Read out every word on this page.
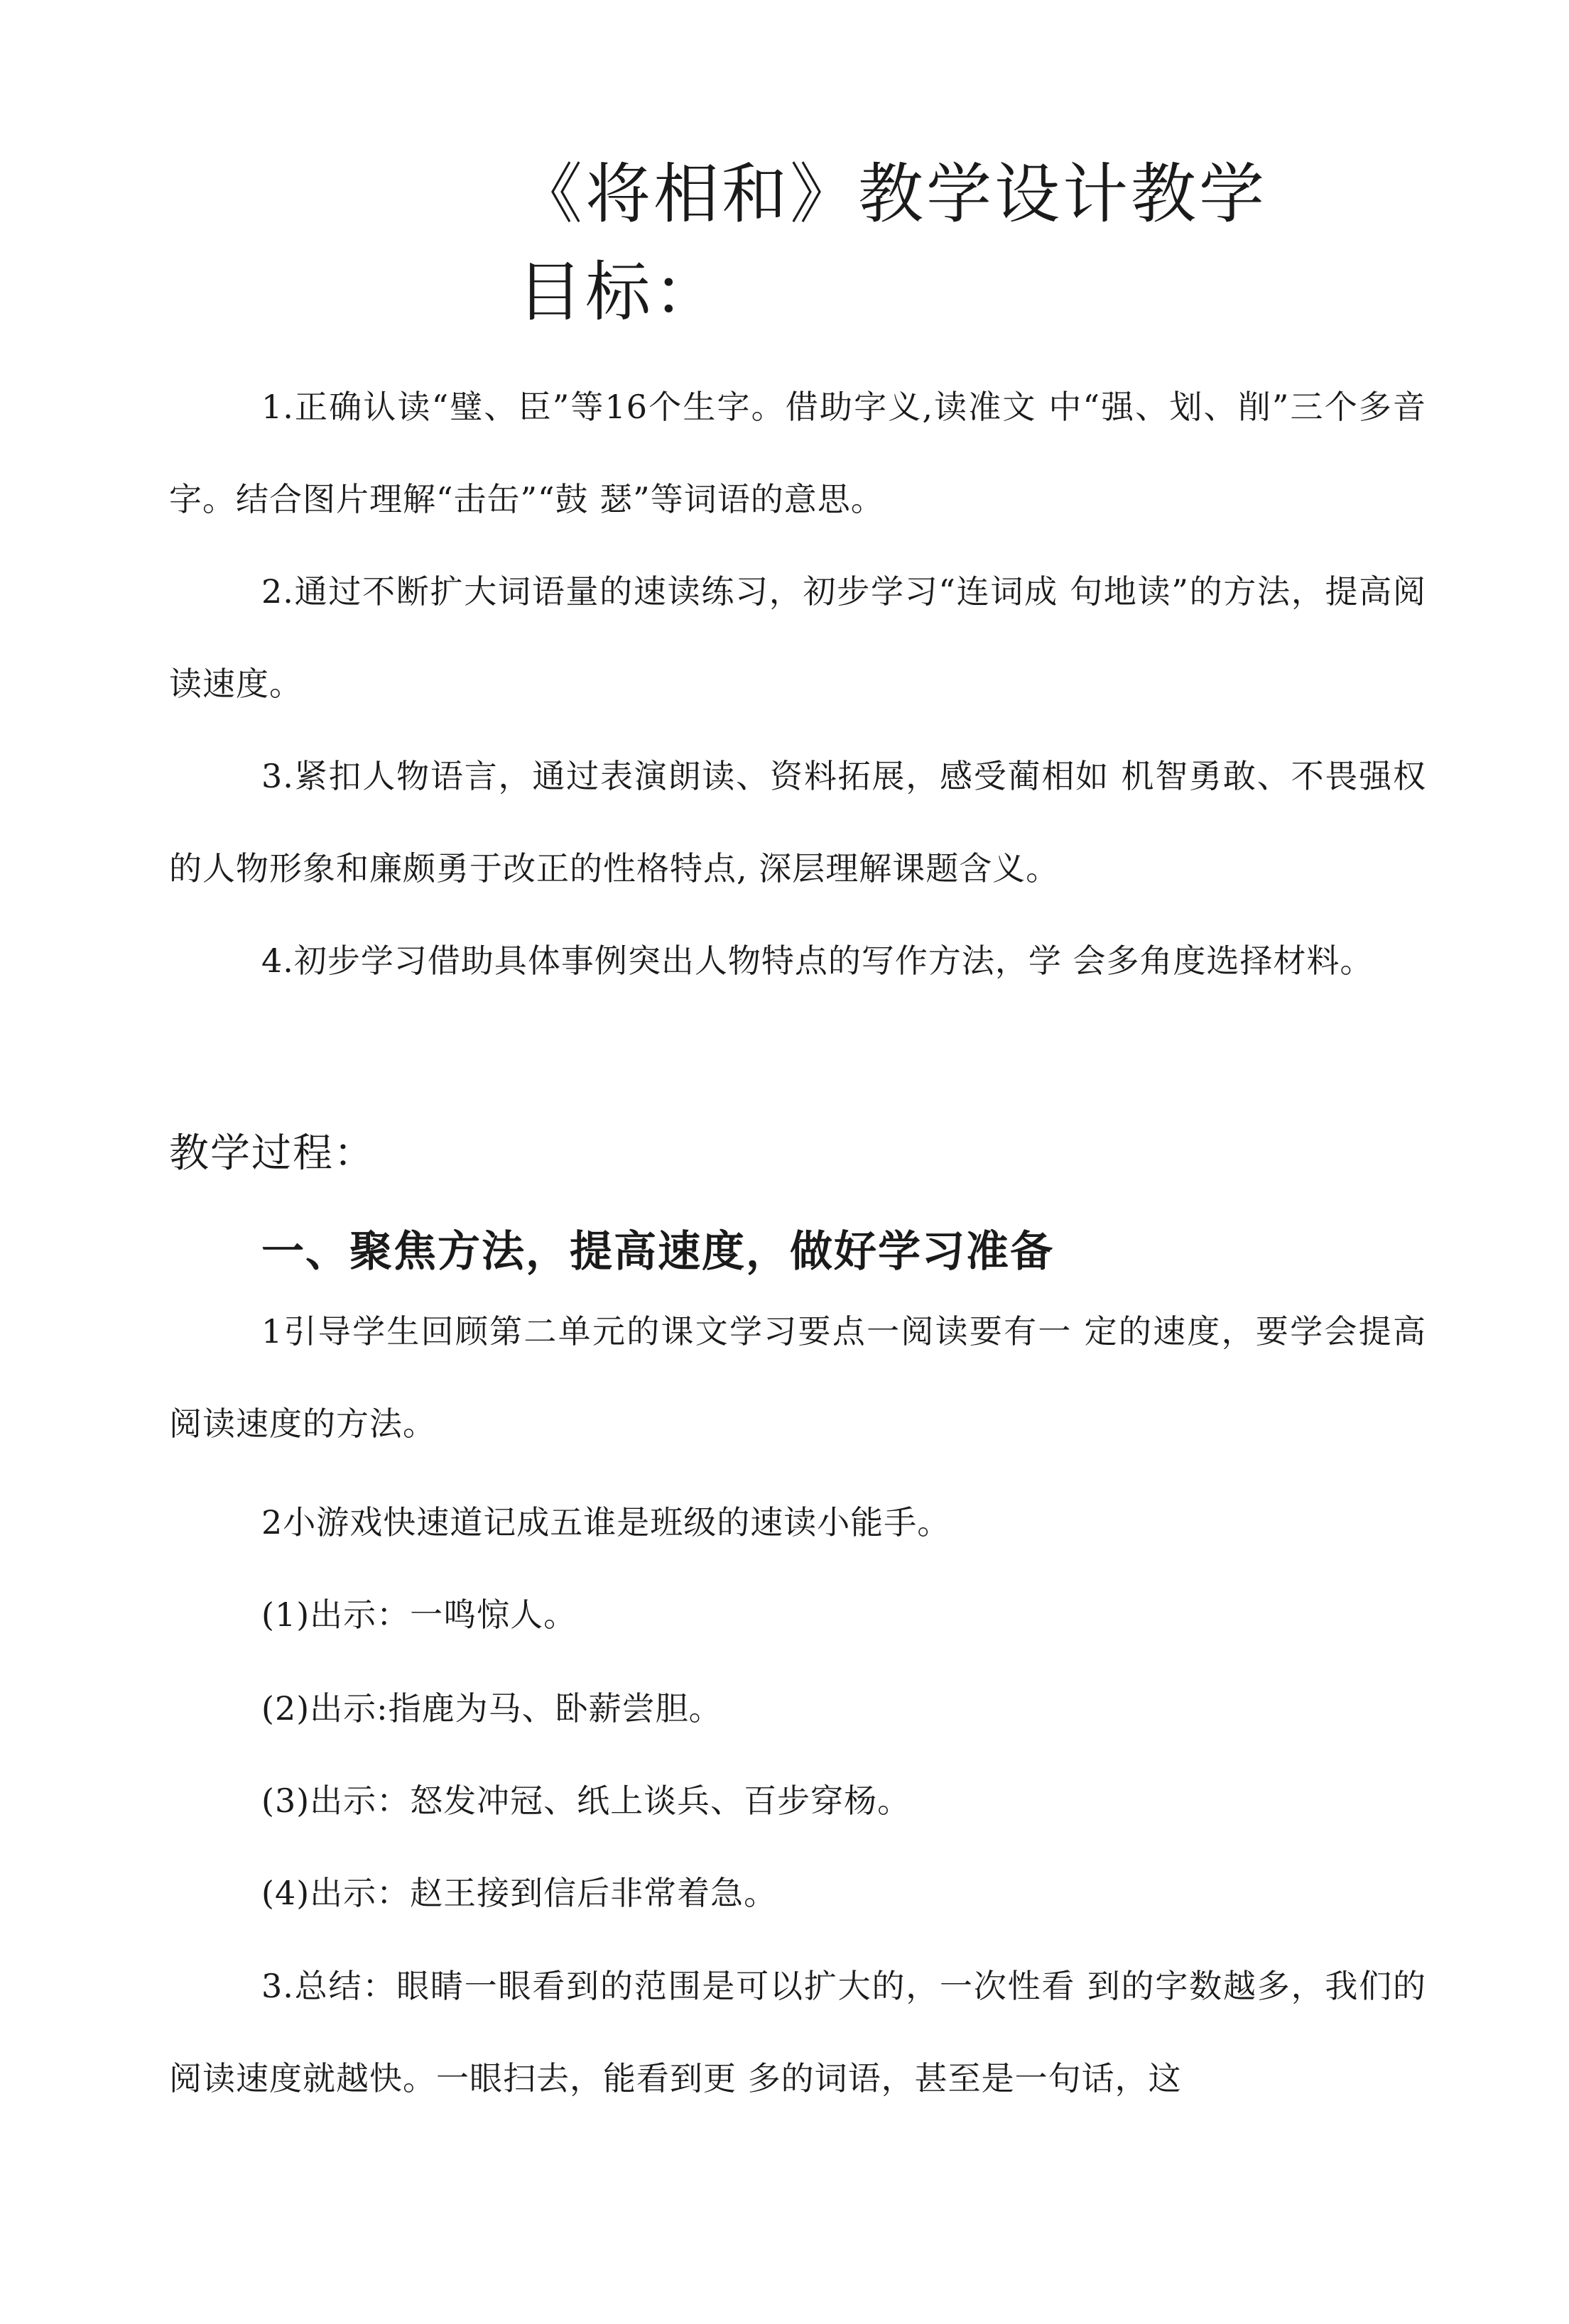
《将相和》教学设计教学目标：
1.正确认读“璧、臣”等16个生字。借助字义,读准文 中“强、划、削”三个多音字。结合图片理解“击缶”“鼓 瑟”等词语的意思。
2.通过不断扩大词语量的速读练习，初步学习“连词成 句地读”的方法，提高阅读速度。
3.紧扣人物语言，通过表演朗读、资料拓展，感受蔺相如 机智勇敢、不畏强权的人物形象和廉颇勇于改正的性格特点, 深层理解课题含义。
4.初步学习借助具体事例突出人物特点的写作方法，学 会多角度选择材料。
教学过程：
一、聚焦方法，提高速度，做好学习准备
1引导学生回顾第二单元的课文学习要点一阅读要有一 定的速度，要学会提高阅读速度的方法。
2小游戏快速道记成五谁是班级的速读小能手。
(1)出示：一鸣惊人。
(2)出示:指鹿为马、卧薪尝胆。
(3)出示：怒发冲冠、纸上谈兵、百步穿杨。
(4)出示：赵王接到信后非常着急。
3.总结：眼睛一眼看到的范围是可以扩大的，一次性看 到的字数越多，我们的阅读速度就越快。一眼扫去，能看到更 多的词语，甚至是一句话，这
